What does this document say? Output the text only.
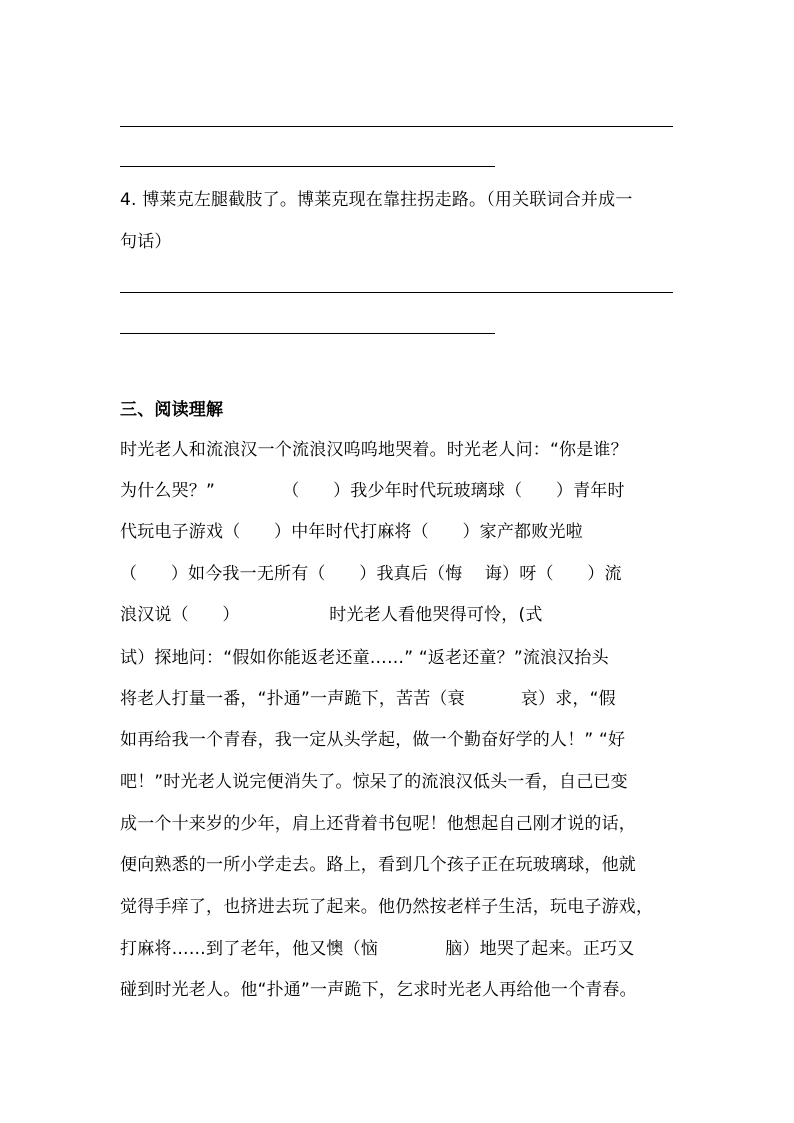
4. 博莱克左腿截肢了。博莱克现在靠拄拐走路。（用关联词合并成一
句话）
三、阅读理解
时光老人和流浪汉一个流浪汉呜呜地哭着。时光老人问：“你是谁？
为什么哭？”            （      ）我少年时代玩玻璃球（      ）青年时
代玩电子游戏（      ）中年时代打麻将（      ）家产都败光啦
（      ）如今我一无所有（      ）我真后（悔    诲）呀（      ）流
浪汉说（      ）                时光老人看他哭得可怜，(式
试）探地问：“假如你能返老还童……” “返老还童？”流浪汉抬头
将老人打量一番，“扑通”一声跪下，苦苦（衰          哀）求，“假
如再给我一个青春，我一定从头学起，做一个勤奋好学的人！” “好
吧！”时光老人说完便消失了。惊呆了的流浪汉低头一看，自己已变
成一个十来岁的少年，肩上还背着书包呢！他想起自己刚才说的话，
便向熟悉的一所小学走去。路上，看到几个孩子正在玩玻璃球，他就
觉得手痒了，也挤进去玩了起来。他仍然按老样子生活，玩电子游戏，
打麻将……到了老年，他又懊（恼            脑）地哭了起来。正巧又
碰到时光老人。他“扑通”一声跪下，乞求时光老人再给他一个青春。
